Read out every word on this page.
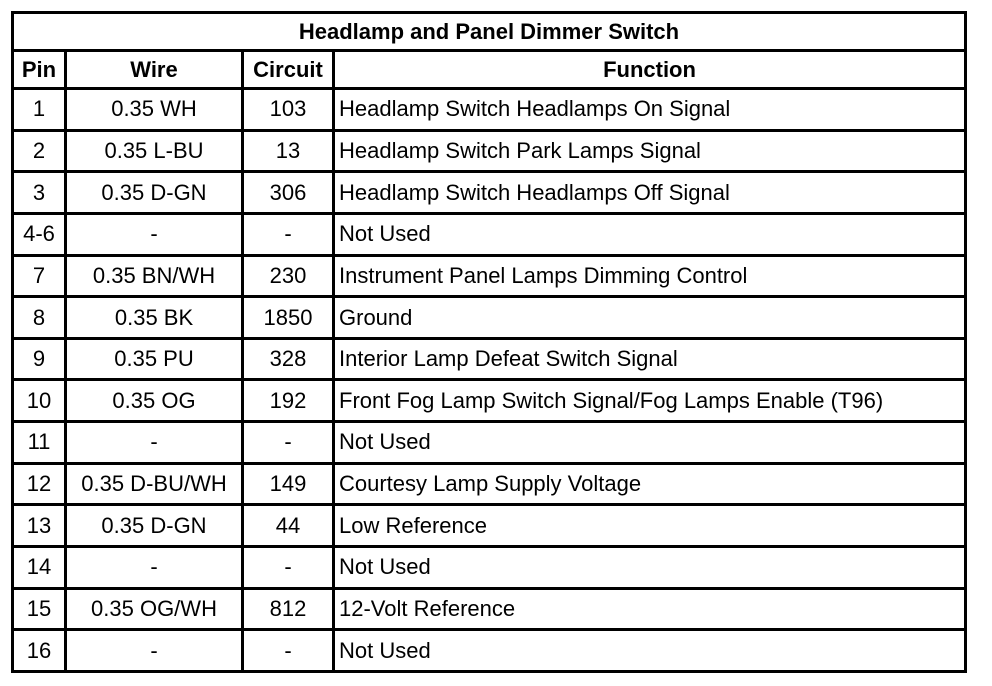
Headlamp and Panel Dimmer Switch			
Pin	Wire	Circuit	Function
1	0.35 WH	103	Headlamp Switch Headlamps On Signal
2	0.35 L-BU	13	Headlamp Switch Park Lamps Signal
3	0.35 D-GN	306	Headlamp Switch Headlamps Off Signal
4-6	-	-	Not Used
7	0.35 BN/WH	230	Instrument Panel Lamps Dimming Control
8	0.35 BK	1850	Ground
9	0.35 PU	328	Interior Lamp Defeat Switch Signal
10	0.35 OG	192	Front Fog Lamp Switch Signal/Fog Lamps Enable (T96)
11	-	-	Not Used
12	0.35 D-BU/WH	149	Courtesy Lamp Supply Voltage
13	0.35 D-GN	44	Low Reference
14	-	-	Not Used
15	0.35 OG/WH	812	12-Volt Reference
16	-	-	Not Used
